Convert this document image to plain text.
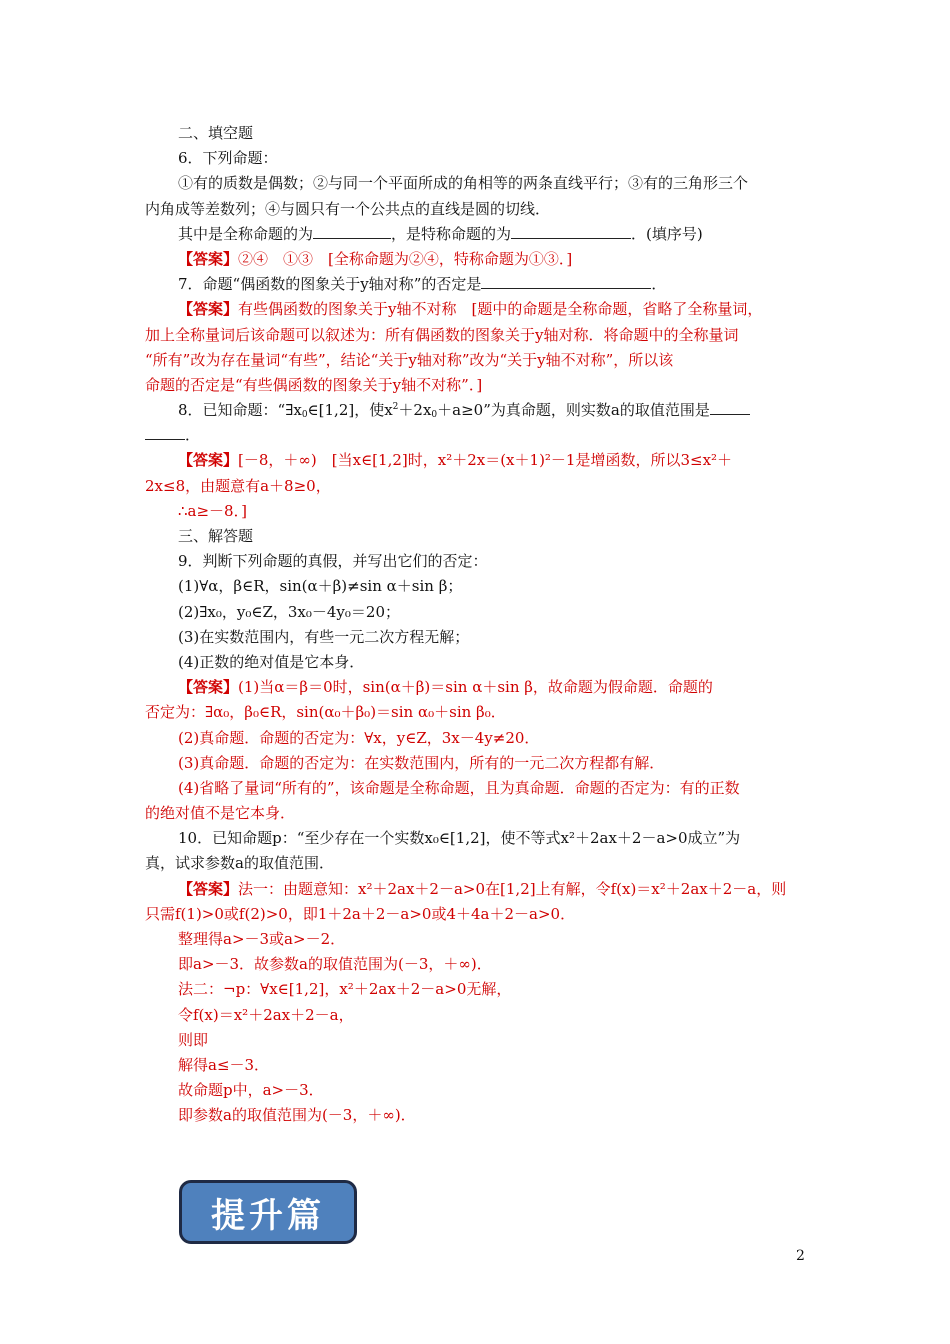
二、填空题
6．下列命题：
①有的质数是偶数；②与同一个平面所成的角相等的两条直线平行；③有的三角形三个
内角成等差数列；④与圆只有一个公共点的直线是圆的切线．
其中是全称命题的为	，是特称命题的为	．(填序号)
【答案】②④　①③　[全称命题为②④，特称命题为①③．]
7．命题“偶函数的图象关于y轴对称”的否定是	．
【答案】有些偶函数的图象关于y轴不对称　[题中的命题是全称命题，省略了全称量词，
加上全称量词后该命题可以叙述为：所有偶函数的图象关于y轴对称．将命题中的全称量词
“所有”改为存在量词“有些”，结论“关于y轴对称”改为“关于y轴不对称”，所以该
命题的否定是“有些偶函数的图象关于y轴不对称”．]
8．已知命题：“$\exists x_0\in[1,2]$，使$x^2+2x_0+a\ge 0$”为真命题，则实数a的取值范围是
．
【答案】[－8，＋∞)　[当x∈[1,2]时，x²＋2x＝(x＋1)²－1是增函数，所以3≤x²＋
2x≤8，由题意有a＋8≥0，
∴a≥－8．]
三、解答题
9．判断下列命题的真假，并写出它们的否定：
(1)∀α，β∈R，sin(α＋β)≠sin α＋sin β；
(2)∃x₀，y₀∈Z，3x₀－4y₀＝20；
(3)在实数范围内，有些一元二次方程无解；
(4)正数的绝对值是它本身．
【答案】(1)当α＝β＝0时，sin(α＋β)＝sin α＋sin β，故命题为假命题．命题的
否定为：∃α₀，β₀∈R，sin(α₀＋β₀)＝sin α₀＋sin β₀．
(2)真命题．命题的否定为：∀x，y∈Z，3x－4y≠20．
(3)真命题．命题的否定为：在实数范围内，所有的一元二次方程都有解．
(4)省略了量词“所有的”，该命题是全称命题，且为真命题．命题的否定为：有的正数
的绝对值不是它本身．
10．已知命题p：“至少存在一个实数x₀∈[1,2]，使不等式x²＋2ax＋2－a>0成立”为
真，试求参数a的取值范围．
【答案】法一：由题意知：x²＋2ax＋2－a>0在[1,2]上有解，令f(x)＝x²＋2ax＋2－a，则
只需f(1)>0或f(2)>0，即1＋2a＋2－a>0或4＋4a＋2－a>0．
整理得a>－3或a>－2．
即a>－3．故参数a的取值范围为(－3，＋∞)．
法二：¬p：∀x∈[1,2]，x²＋2ax＋2－a>0无解，
令f(x)＝x²＋2ax＋2－a，
则即
解得a≤－3．
故命题p中，a>－3．
即参数a的取值范围为(－3，＋∞)．
提升篇
2
